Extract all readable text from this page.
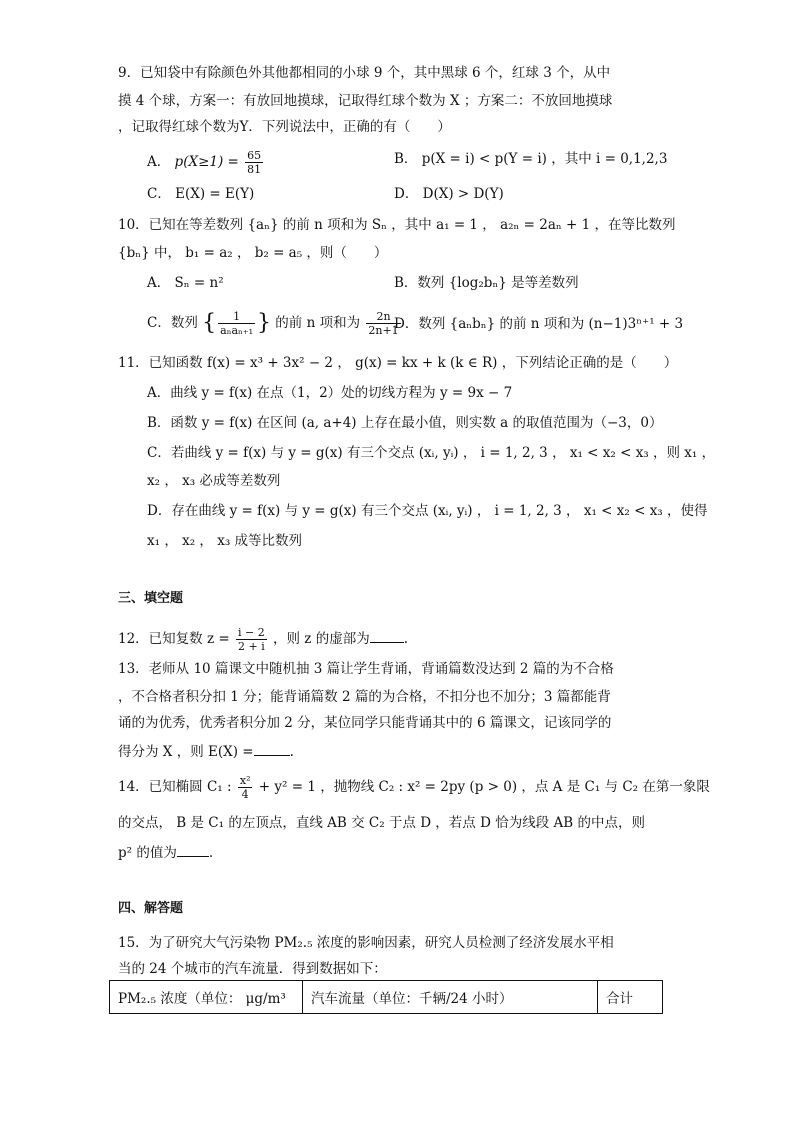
9．已知袋中有除颜色外其他都相同的小球 9 个，其中黑球 6 个，红球 3 个，从中
摸 4 个球，方案一：有放回地摸球，记取得红球个数为 X ；方案二：不放回地摸球
，记取得红球个数为Y．下列说法中，正确的有（　　）
A． $p(X\ge 1) = \frac{65}{81}$	B． p(X = i) < p(Y = i) ，其中 i = 0,1,2,3
C． E(X) = E(Y)	D． D(X) > D(Y)
10．已知在等差数列 {aₙ} 的前 n 项和为 Sₙ ，其中 a₁ = 1 ， a₂ₙ = 2aₙ + 1 ，在等比数列
{bₙ} 中， b₁ = a₂ ， b₂ = a₅ ，则（　　）
A． Sₙ = n²	B．数列 {log₂bₙ} 是等差数列
C．数列 { $\frac{1}{\text{aₙaₙ₊₁}}$ } 的前 n 项和为 $\frac{2n}{2n+1}$
D．数列 {aₙbₙ} 的前 n 项和为 (n−1)3ⁿ⁺¹ + 3
11．已知函数 f(x) = x³ + 3x² − 2 ， g(x) = kx + k (k ∈ R) ，下列结论正确的是（　　）
A．曲线 y = f(x) 在点（1，2）处的切线方程为 y = 9x − 7
B．函数 y = f(x) 在区间 (a, a+4) 上存在最小值，则实数 a 的取值范围为（−3，0）
C．若曲线 y = f(x) 与 y = g(x) 有三个交点 (xᵢ, yᵢ) ， i = 1, 2, 3 ， x₁ < x₂ < x₃ ，则 x₁ ，
x₂ ， x₃ 必成等差数列
D．存在曲线 y = f(x) 与 y = g(x) 有三个交点 (xᵢ, yᵢ) ， i = 1, 2, 3 ， x₁ < x₂ < x₃ ，使得
x₁ ， x₂ ， x₃ 成等比数列
三、填空题
12．已知复数 $z = \frac{i - 2}{2 + i}$ ，则 z 的虚部为	.
13．老师从 10 篇课文中随机抽 3 篇让学生背诵，背诵篇数没达到 2 篇的为不合格
，不合格者积分扣 1 分；能背诵篇数 2 篇的为合格，不扣分也不加分；3 篇都能背
诵的为优秀，优秀者积分加 2 分，某位同学只能背诵其中的 6 篇课文，记该同学的
得分为 X ，则 E(X) =	.
14．已知椭圆 C₁ : $\frac{\text{x²}}{4} + y^2 = 1$ ，抛物线 C₂ : x² = 2py (p > 0) ，点 A 是 C₁ 与 C₂ 在第一象限
的交点， B 是 C₁ 的左顶点，直线 AB 交 C₂ 于点 D ，若点 D 恰为线段 AB 的中点，则
p² 的值为 .
四、解答题
15．为了研究大气污染物 PM₂.₅ 浓度的影响因素，研究人员检测了经济发展水平相
当的 24 个城市的汽车流量．得到数据如下：
PM₂.₅ 浓度（单位： μg/m³	汽车流量（单位：千辆/24 小时）	合计
